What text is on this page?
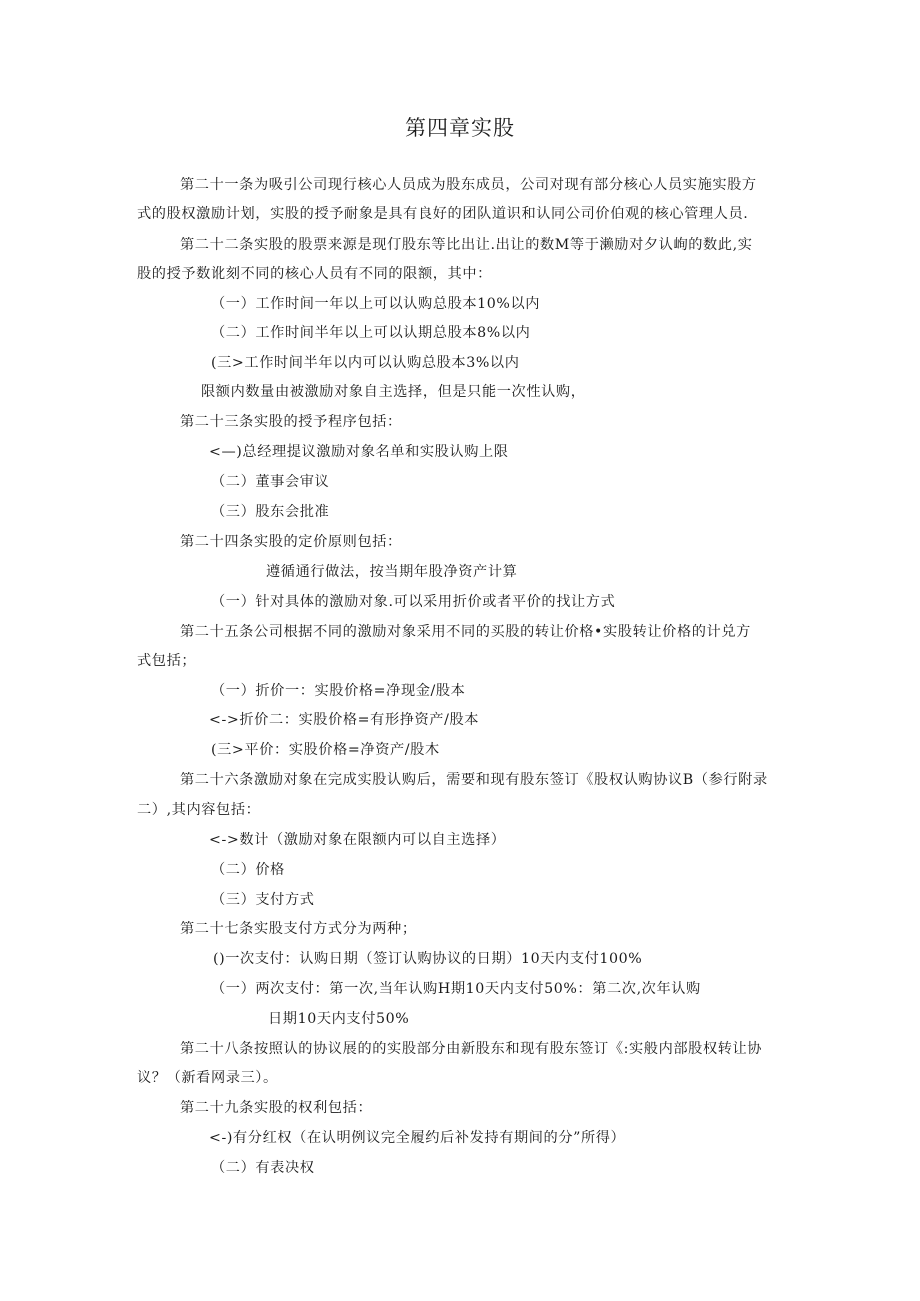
第四章实股
第二十一条为吸引公司现行核心人员成为股东成员，公司对现有部分核心人员实施实股方
式的股权激励计划，实股的授予耐象是具有良好的团队道识和认同公司价伯观的核心管理人员.
第二十二条实股的股票来源是现仃股东等比出让.出让的数M等于濑励对夕认峋的数此,实
股的授予数讹刻不同的核心人员有不同的限额，其中：
（一）工作时间一年以上可以认购总股本10%以内
（二）工作时间半年以上可以认期总股本8%以内
(三>工作时间半年以内可以认购总股本3%以内
限额内数量由被激励对象自主选择，但是只能一次性认购，
第二十三条实股的授予程序包括：
<—)总经理提议激励对象名单和实股认购上限
（二）董事会审议
（三）股东会批准
第二十四条实股的定价原则包括：
遵循通行做法，按当期年股净资产计算
（一）针对具体的激励对象.可以采用折价或者平价的找让方式
第二十五条公司根据不同的激励对象采用不同的买股的转让价格•实股转让价格的计兑方
式包括；
（一）折价一：实股价格=净现金/股本
<->折价二：实股价格=有形挣资产/股本
(三>平价：实股价格=净资产/股木
第二十六条激励对象在完成实股认购后，需要和现有股东签订《股权认购协议B（参行附录
二）,其内容包括：
<->数计（激励对象在限额内可以自主选择）
（二）价格
（三）支付方式
第二十七条实股支付方式分为两种；
()一次支付：认购日期（签订认购协议的日期）10天内支付100%
（一）两次支付：第一次,当年认购H期10天内支付50%：第二次,次年认购
日期10天内支付50%
第二十八条按照认的协议展的的实股部分由新股东和现有股东签订《:实般内部股权转让协
议？（新看网录三）。
第二十九条实股的权利包括：
<-)有分红权（在认明例议完全履约后补发持有期间的分”所得）
（二）有表决权
